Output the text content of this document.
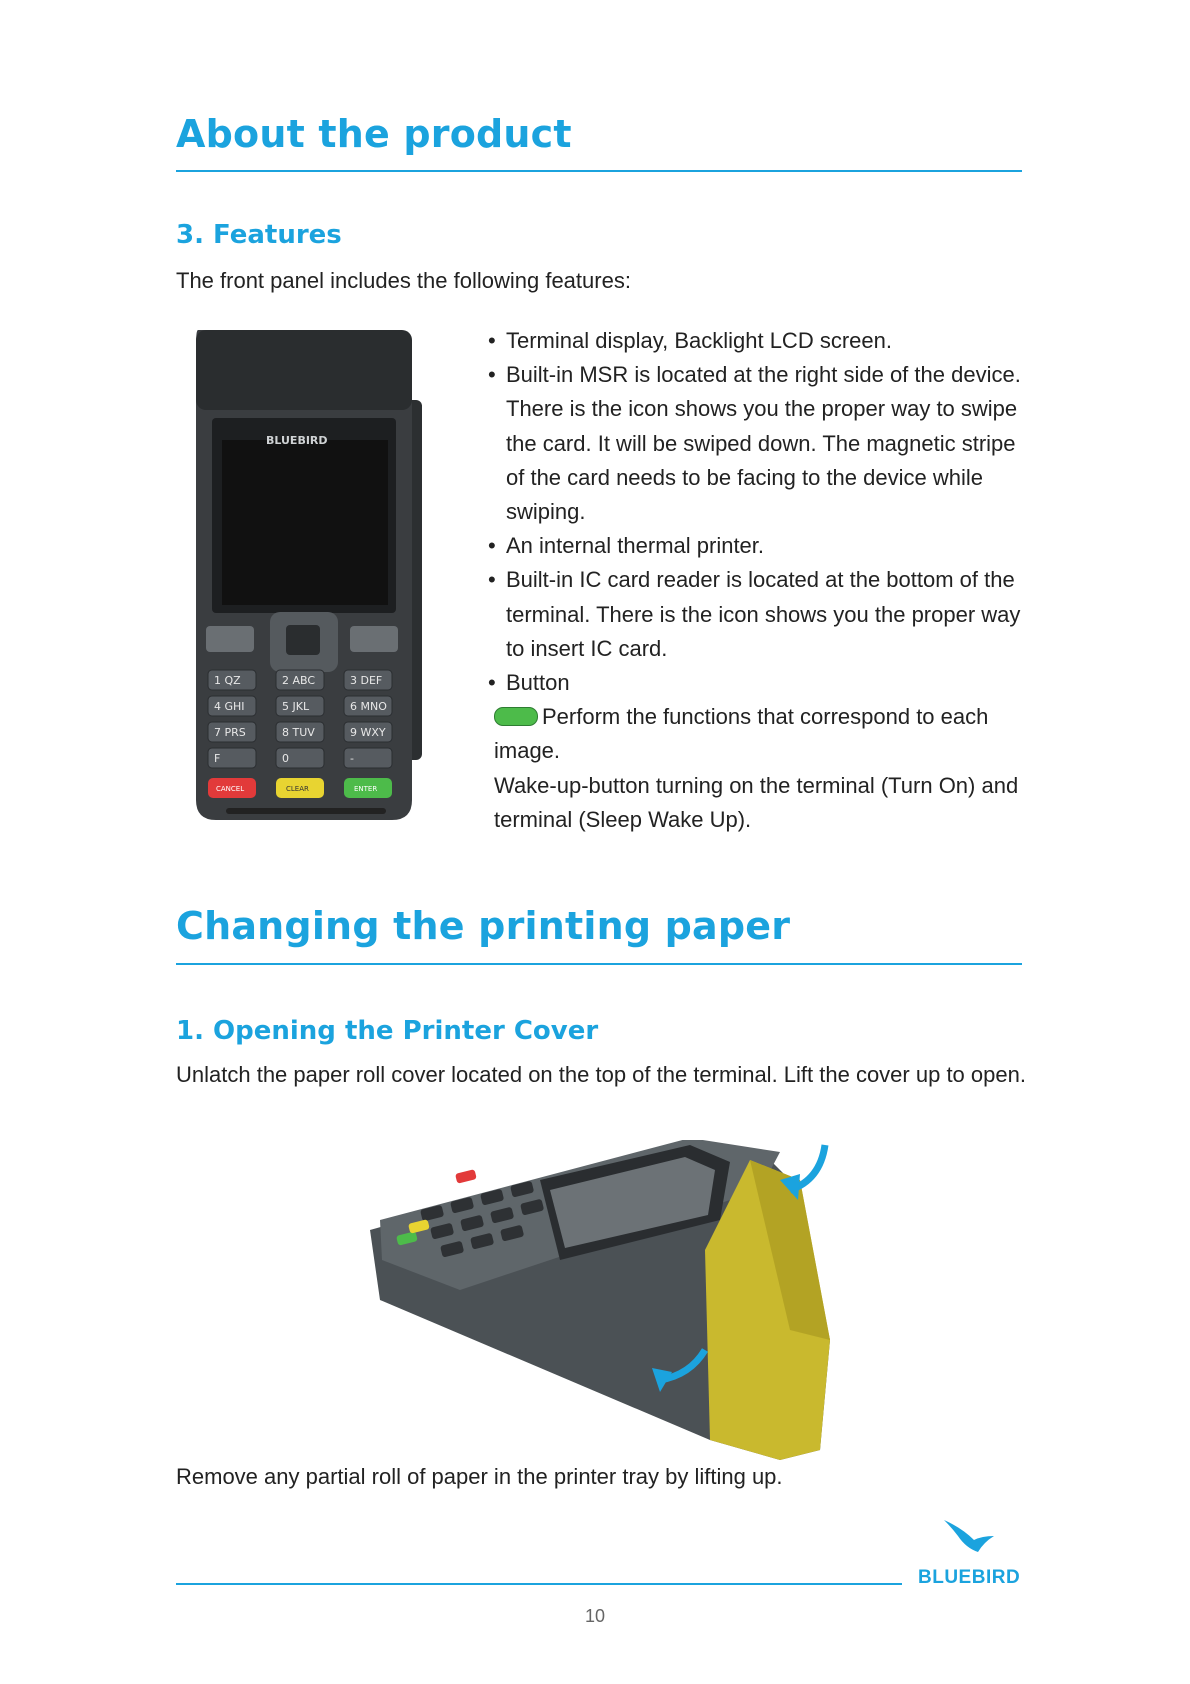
About the product
3. Features

The front panel includes the following features:

BLUEBIRD
1 QZ	2 ABC	3 DEF
4 GHI	5 JKL	6 MNO
7 PRS	8 TUV	9 WXY
F	0	-
CANCEL	CLEAR	ENTER
• Terminal display, Backlight LCD screen.
• Built-in MSR is located at the right side of the device. There is the icon shows you the proper way to swipe the card. It will be swiped down. The magnetic stripe of the card needs to be facing to the device while swiping.
• An internal thermal printer.
• Built-in IC card reader is located at the bottom of the terminal. There is the icon shows you the proper way to insert IC card.
• Button
Perform the functions that correspond to each image.
Wake-up-button turning on the terminal (Turn On) and terminal (Sleep Wake Up).
Changing the printing paper
1. Opening the Printer Cover

Unlatch the paper roll cover located on the top of the terminal. Lift the cover up to open.

Remove any partial roll of paper in the printer tray by lifting up.

BLUEBIRD
10
